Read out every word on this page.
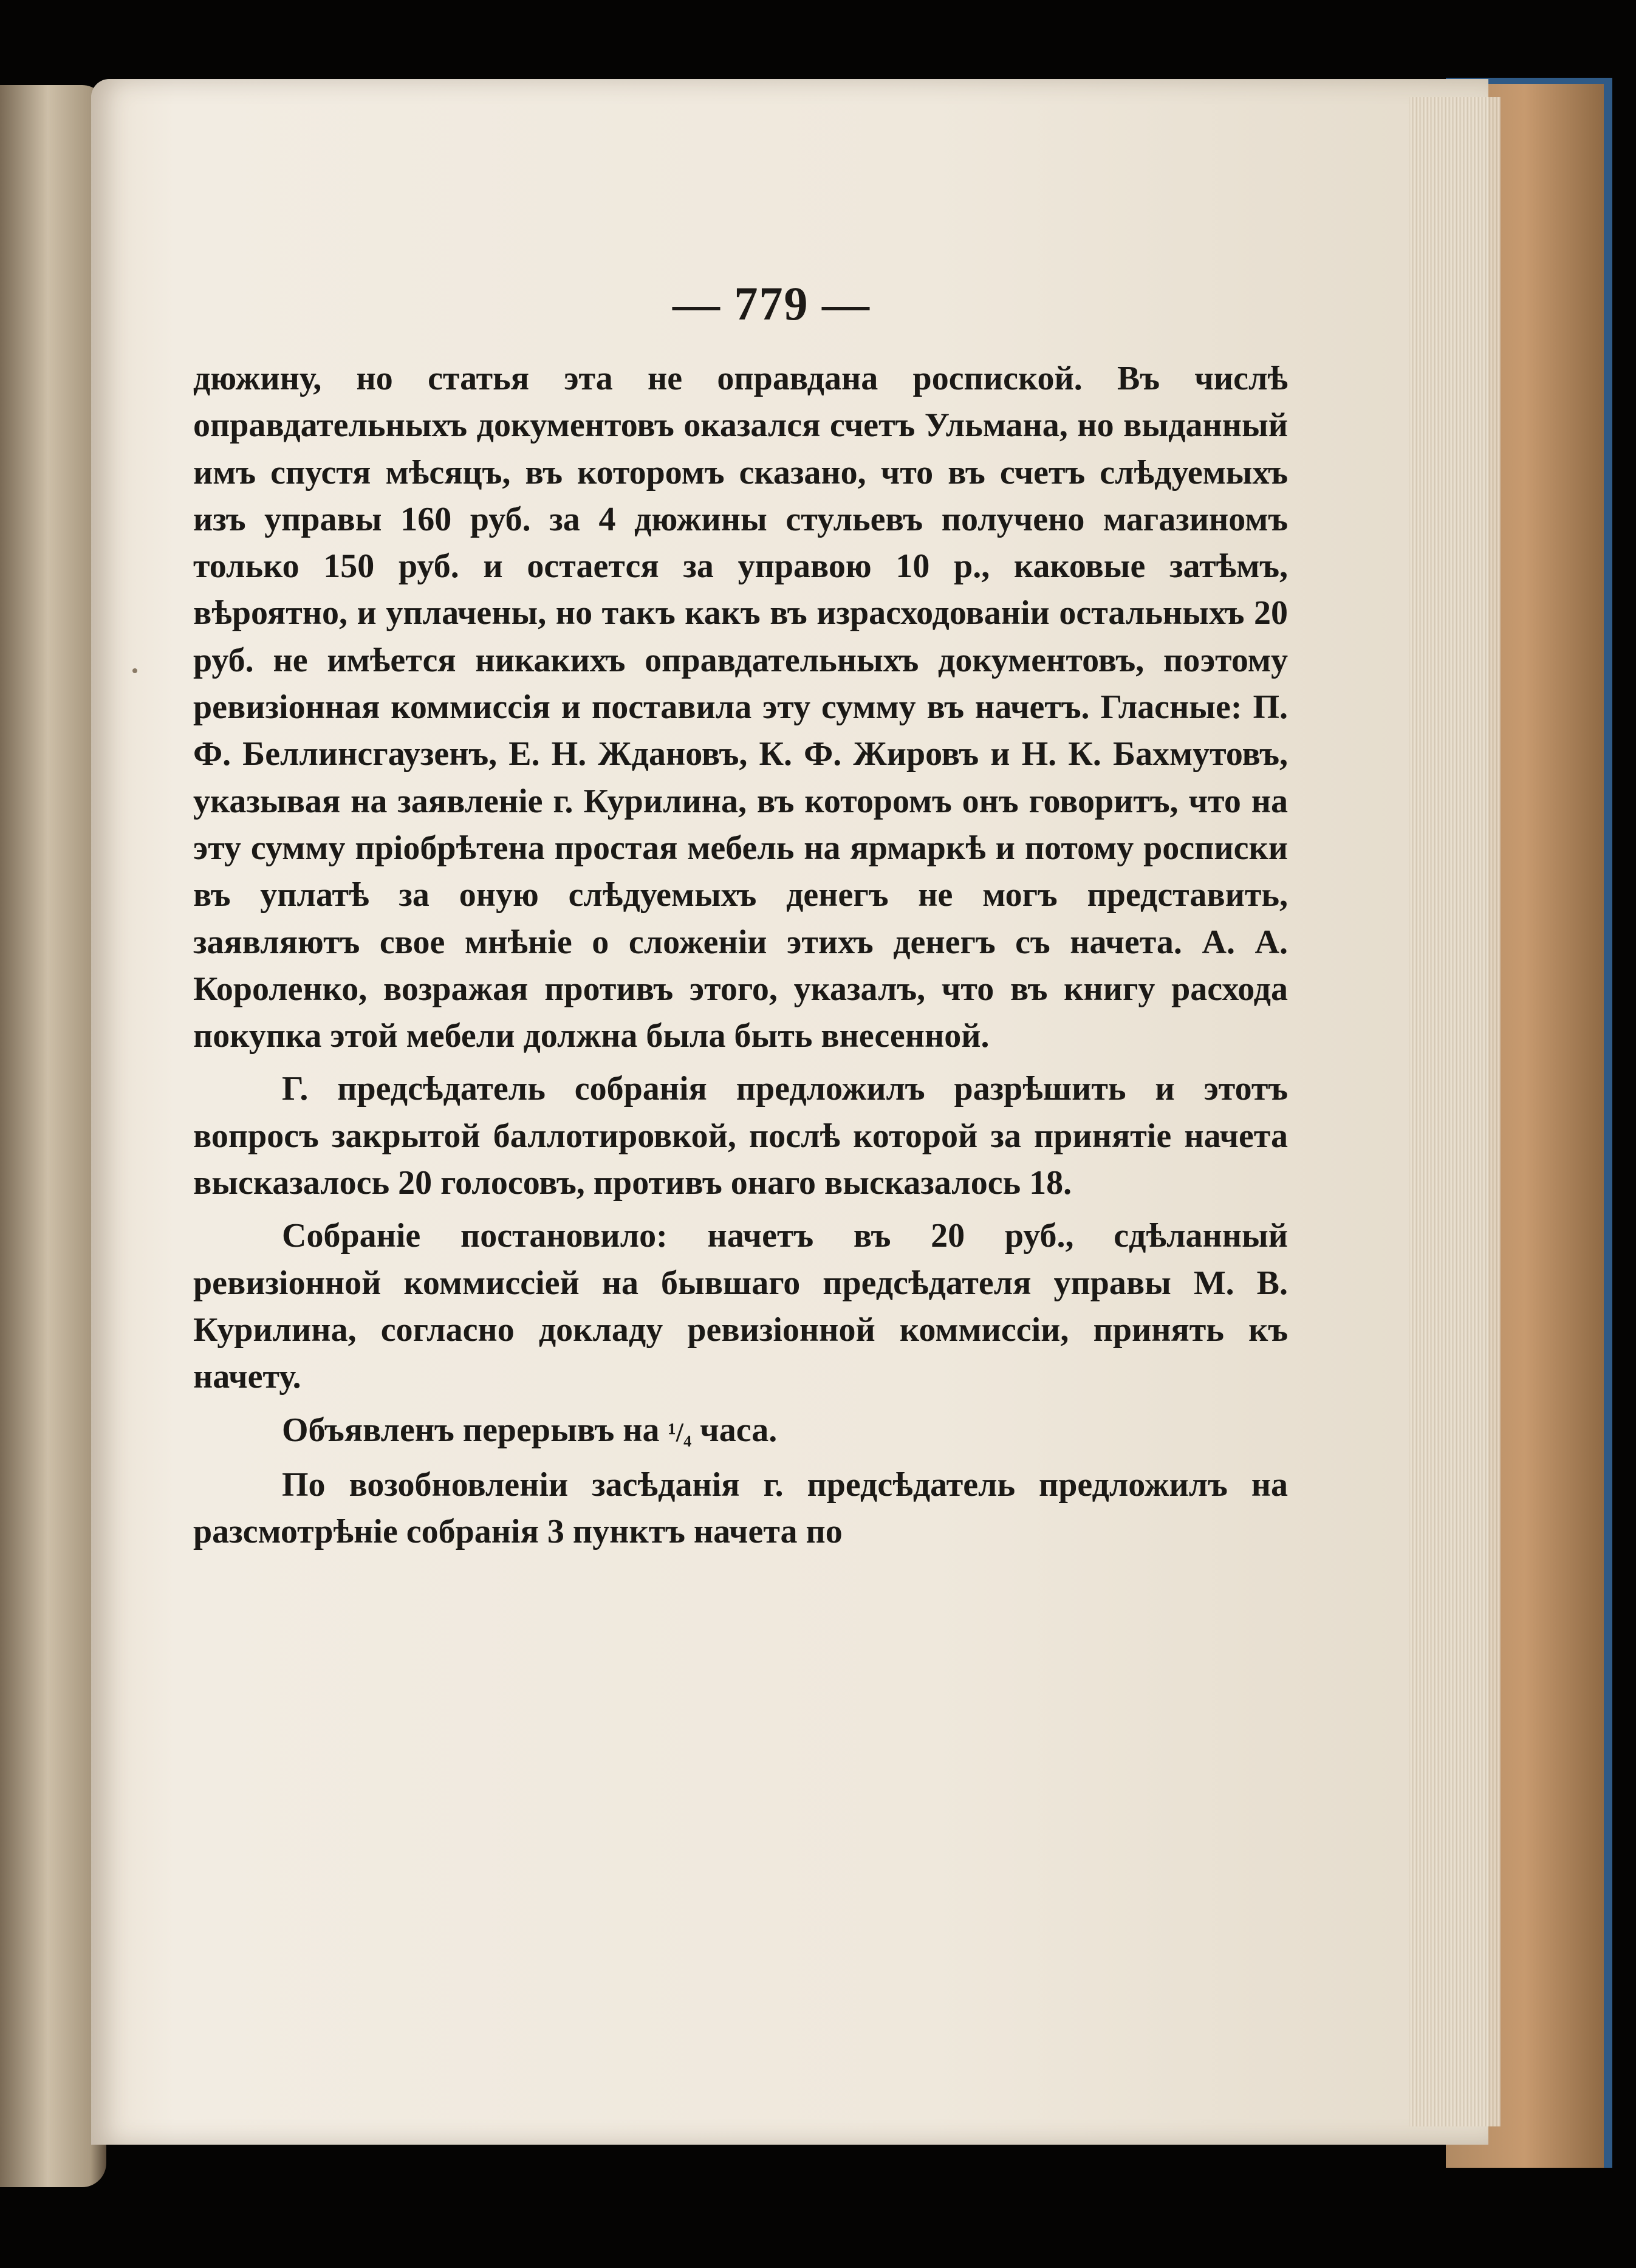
— 779 —

дюжину, но статья эта не оправдана роспиской. Въ числѣ оправдательныхъ документовъ оказался счетъ Ульмана, но выданный имъ спустя мѣсяцъ, въ которомъ сказано, что въ счетъ слѣдуемыхъ изъ управы 160 руб. за 4 дюжины стульевъ получено магазиномъ только 150 руб. и остается за управою 10 р., каковые затѣмъ, вѣроятно, и уплачены, но такъ какъ въ израсходованіи остальныхъ 20 руб. не имѣется никакихъ оправдательныхъ документовъ, поэтому ревизіонная коммиссія и поставила эту сумму въ начетъ. Гласные: П. Ф. Беллинсгаузенъ, Е. Н. Ждановъ, К. Ф. Жировъ и Н. К. Бахмутовъ, указывая на заявленіе г. Курилина, въ которомъ онъ говоритъ, что на эту сумму пріобрѣтена простая мебель на ярмаркѣ и потому росписки въ уплатѣ за оную слѣдуемыхъ денегъ не могъ представить, заявляютъ свое мнѣніе о сложеніи этихъ денегъ съ начета. А. А. Короленко, возражая противъ этого, указалъ, что въ книгу расхода покупка этой мебели должна была быть внесенной.

Г. предсѣдатель собранія предложилъ разрѣшить и этотъ вопросъ закрытой баллотировкой, послѣ которой за принятіе начета высказалось 20 голосовъ, противъ онаго высказалось 18.

Собраніе постановило: начетъ въ 20 руб., сдѣланный ревизіонной коммиссіей на бывшаго предсѣдателя управы М. В. Курилина, согласно докладу ревизіонной коммиссіи, принять къ начету.

Объявленъ перерывъ на ¹/₄ часа.

По возобновленіи засѣданія г. предсѣдатель предложилъ на разсмотрѣніе собранія 3 пунктъ начета по
